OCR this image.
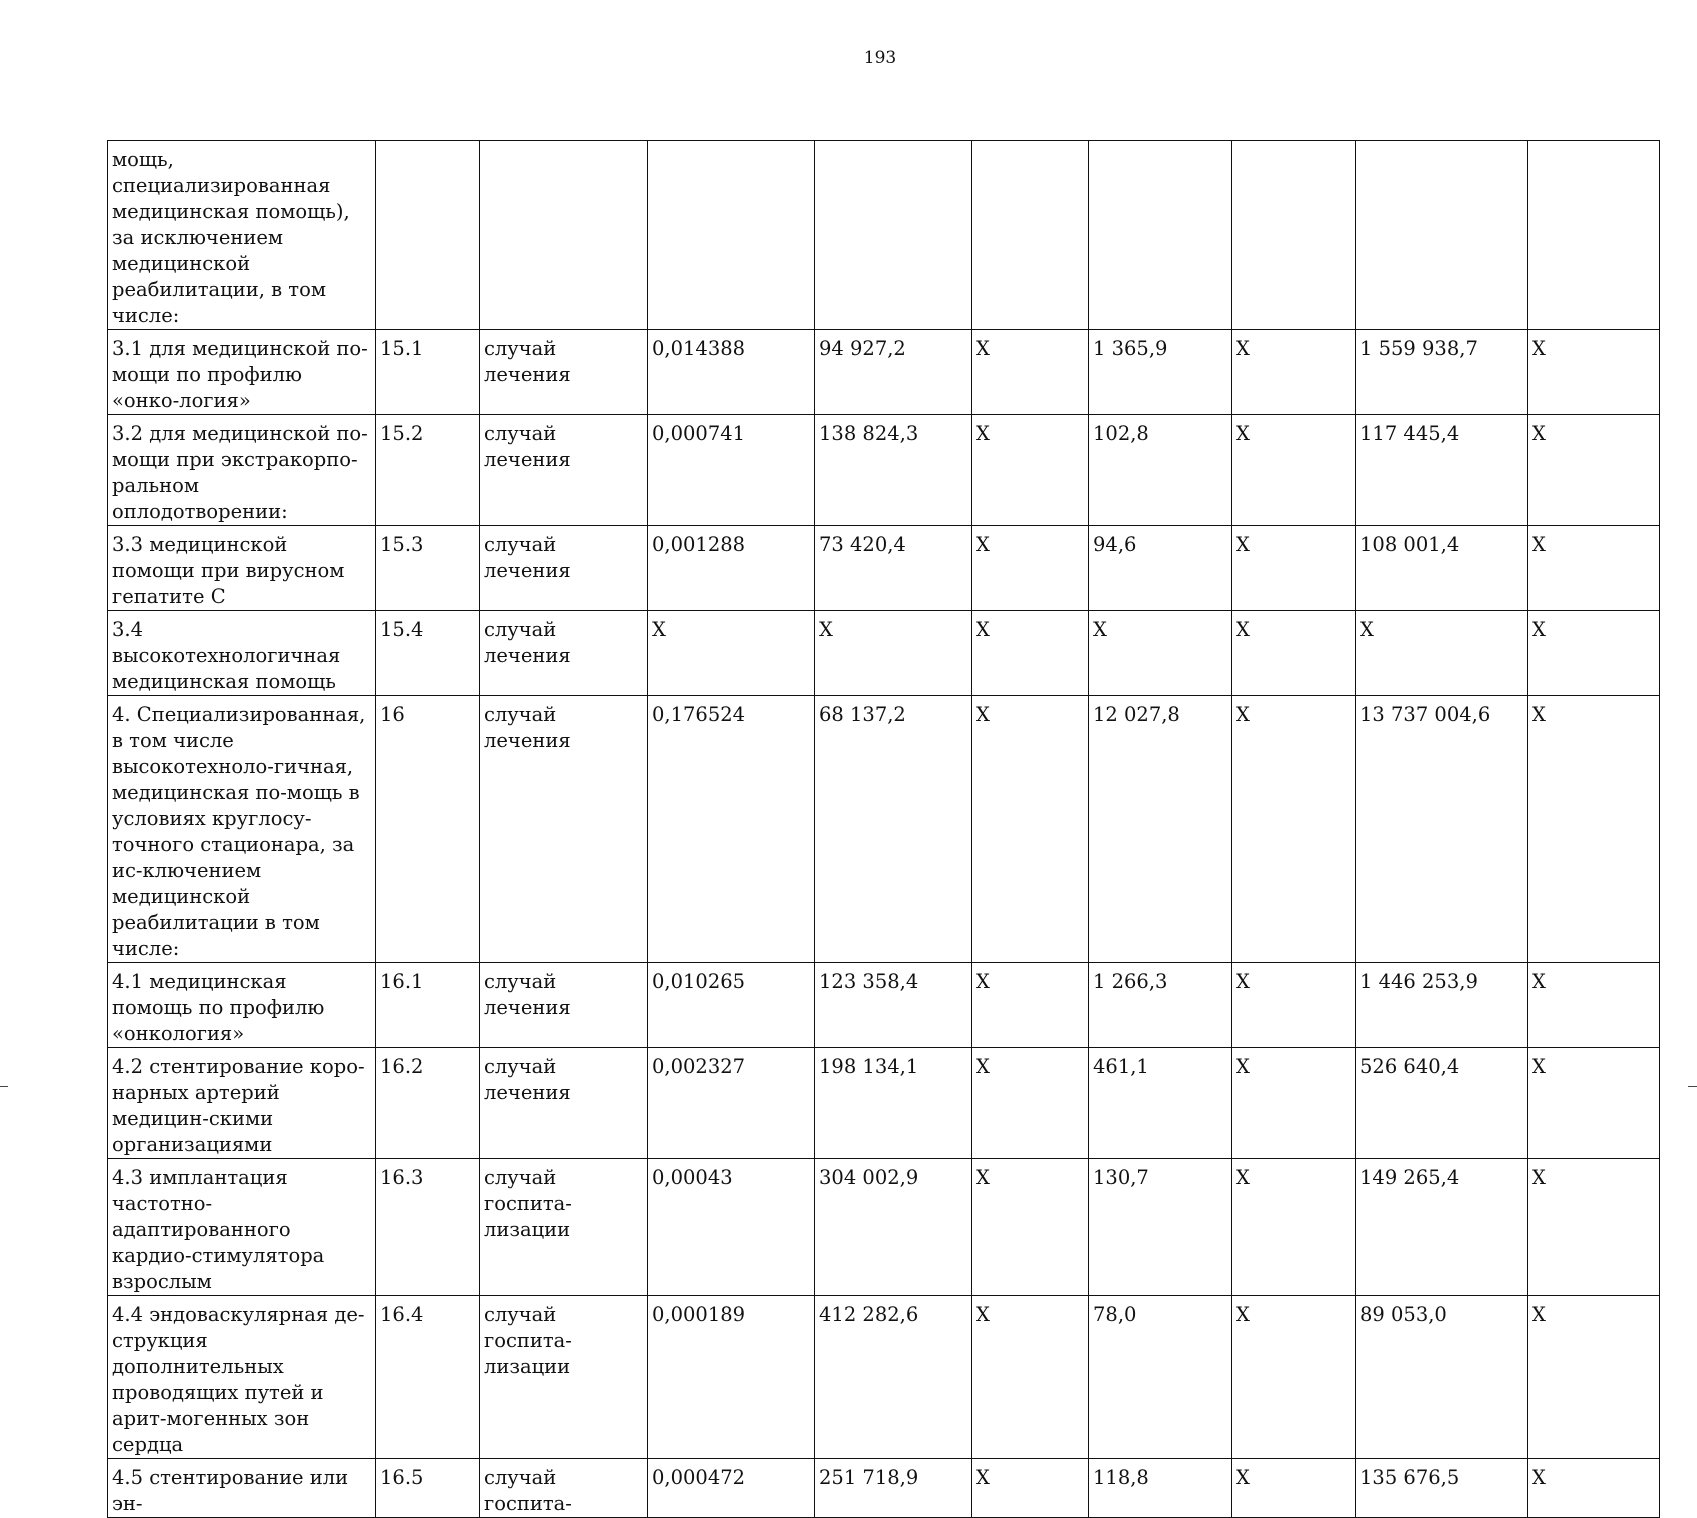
193
мощь, специализированная медицинская помощь), за исключением медицинской реабилитации, в том числе:									
3.1 для медицинской по-мощи по профилю «онко-логия»	15.1	случай лечения	0,014388	94 927,2	X	1 365,9	X	1 559 938,7	X
3.2 для медицинской по-мощи при экстракорпо-ральном оплодотворении:	15.2	случай лечения	0,000741	138 824,3	X	102,8	X	117 445,4	X
3.3 медицинской помощи при вирусном гепатите С	15.3	случай лечения	0,001288	73 420,4	X	94,6	X	108 001,4	X
3.4 высокотехнологичная медицинская помощь	15.4	случай лечения	X	X	X	X	X	X	X
4. Специализированная, в том числе высокотехноло-гичная, медицинская по-мощь в условиях круглосу-точного стационара, за ис-ключением медицинской реабилитации в том числе:	16	случай лечения	0,176524	68 137,2	X	12 027,8	X	13 737 004,6	X
4.1 медицинская помощь по профилю «онкология»	16.1	случай лечения	0,010265	123 358,4	X	1 266,3	X	1 446 253,9	X
4.2 стентирование коро-нарных артерий медицин-скими организациями	16.2	случай лечения	0,002327	198 134,1	X	461,1	X	526 640,4	X
4.3 имплантация частотно-адаптированного кардио-стимулятора взрослым	16.3	случай госпита-лизации	0,00043	304 002,9	X	130,7	X	149 265,4	X
4.4 эндоваскулярная де-струкция дополнительных проводящих путей и арит-могенных зон сердца	16.4	случай госпита-лизации	0,000189	412 282,6	X	78,0	X	89 053,0	X
4.5 стентирование или эн-	16.5	случай госпита-	0,000472	251 718,9	X	118,8	X	135 676,5	X
